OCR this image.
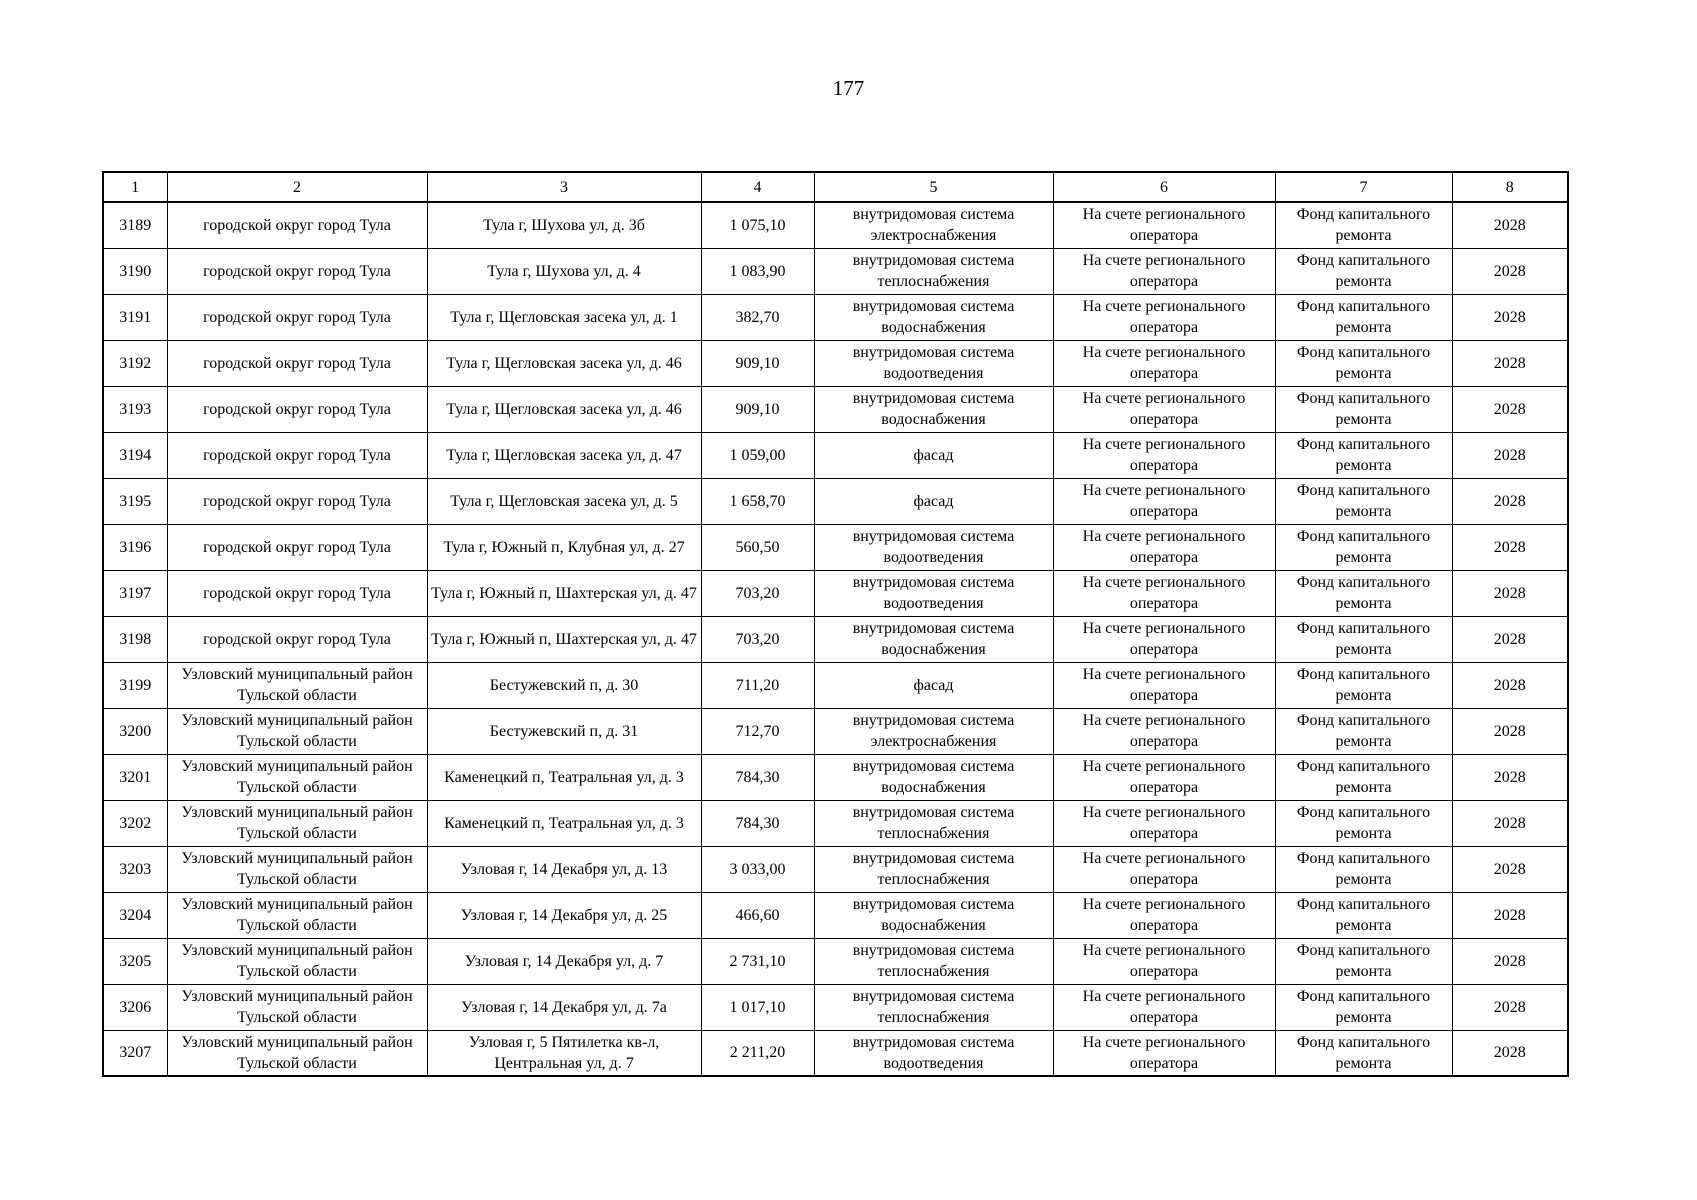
177
1	2	3	4	5	6	7	8
3189	городской округ город Тула	Тула г, Шухова ул, д. 3б	1 075,10	внутридомовая система электроснабжения	На счете регионального оператора	Фонд капитального ремонта	2028
3190	городской округ город Тула	Тула г, Шухова ул, д. 4	1 083,90	внутридомовая система теплоснабжения	На счете регионального оператора	Фонд капитального ремонта	2028
3191	городской округ город Тула	Тула г, Щегловская засека ул, д. 1	382,70	внутридомовая система водоснабжения	На счете регионального оператора	Фонд капитального ремонта	2028
3192	городской округ город Тула	Тула г, Щегловская засека ул, д. 46	909,10	внутридомовая система водоотведения	На счете регионального оператора	Фонд капитального ремонта	2028
3193	городской округ город Тула	Тула г, Щегловская засека ул, д. 46	909,10	внутридомовая система водоснабжения	На счете регионального оператора	Фонд капитального ремонта	2028
3194	городской округ город Тула	Тула г, Щегловская засека ул, д. 47	1 059,00	фасад	На счете регионального оператора	Фонд капитального ремонта	2028
3195	городской округ город Тула	Тула г, Щегловская засека ул, д. 5	1 658,70	фасад	На счете регионального оператора	Фонд капитального ремонта	2028
3196	городской округ город Тула	Тула г, Южный п, Клубная ул, д. 27	560,50	внутридомовая система водоотведения	На счете регионального оператора	Фонд капитального ремонта	2028
3197	городской округ город Тула	Тула г, Южный п, Шахтерская ул, д. 47	703,20	внутридомовая система водоотведения	На счете регионального оператора	Фонд капитального ремонта	2028
3198	городской округ город Тула	Тула г, Южный п, Шахтерская ул, д. 47	703,20	внутридомовая система водоснабжения	На счете регионального оператора	Фонд капитального ремонта	2028
3199	Узловский муниципальный район Тульской области	Бестужевский п, д. 30	711,20	фасад	На счете регионального оператора	Фонд капитального ремонта	2028
3200	Узловский муниципальный район Тульской области	Бестужевский п, д. 31	712,70	внутридомовая система электроснабжения	На счете регионального оператора	Фонд капитального ремонта	2028
3201	Узловский муниципальный район Тульской области	Каменецкий п, Театральная ул, д. 3	784,30	внутридомовая система водоснабжения	На счете регионального оператора	Фонд капитального ремонта	2028
3202	Узловский муниципальный район Тульской области	Каменецкий п, Театральная ул, д. 3	784,30	внутридомовая система теплоснабжения	На счете регионального оператора	Фонд капитального ремонта	2028
3203	Узловский муниципальный район Тульской области	Узловая г, 14 Декабря ул, д. 13	3 033,00	внутридомовая система теплоснабжения	На счете регионального оператора	Фонд капитального ремонта	2028
3204	Узловский муниципальный район Тульской области	Узловая г, 14 Декабря ул, д. 25	466,60	внутридомовая система водоснабжения	На счете регионального оператора	Фонд капитального ремонта	2028
3205	Узловский муниципальный район Тульской области	Узловая г, 14 Декабря ул, д. 7	2 731,10	внутридомовая система теплоснабжения	На счете регионального оператора	Фонд капитального ремонта	2028
3206	Узловский муниципальный район Тульской области	Узловая г, 14 Декабря ул, д. 7а	1 017,10	внутридомовая система теплоснабжения	На счете регионального оператора	Фонд капитального ремонта	2028
3207	Узловский муниципальный район Тульской области	Узловая г, 5 Пятилетка кв-л, Центральная ул, д. 7	2 211,20	внутридомовая система водоотведения	На счете регионального оператора	Фонд капитального ремонта	2028
